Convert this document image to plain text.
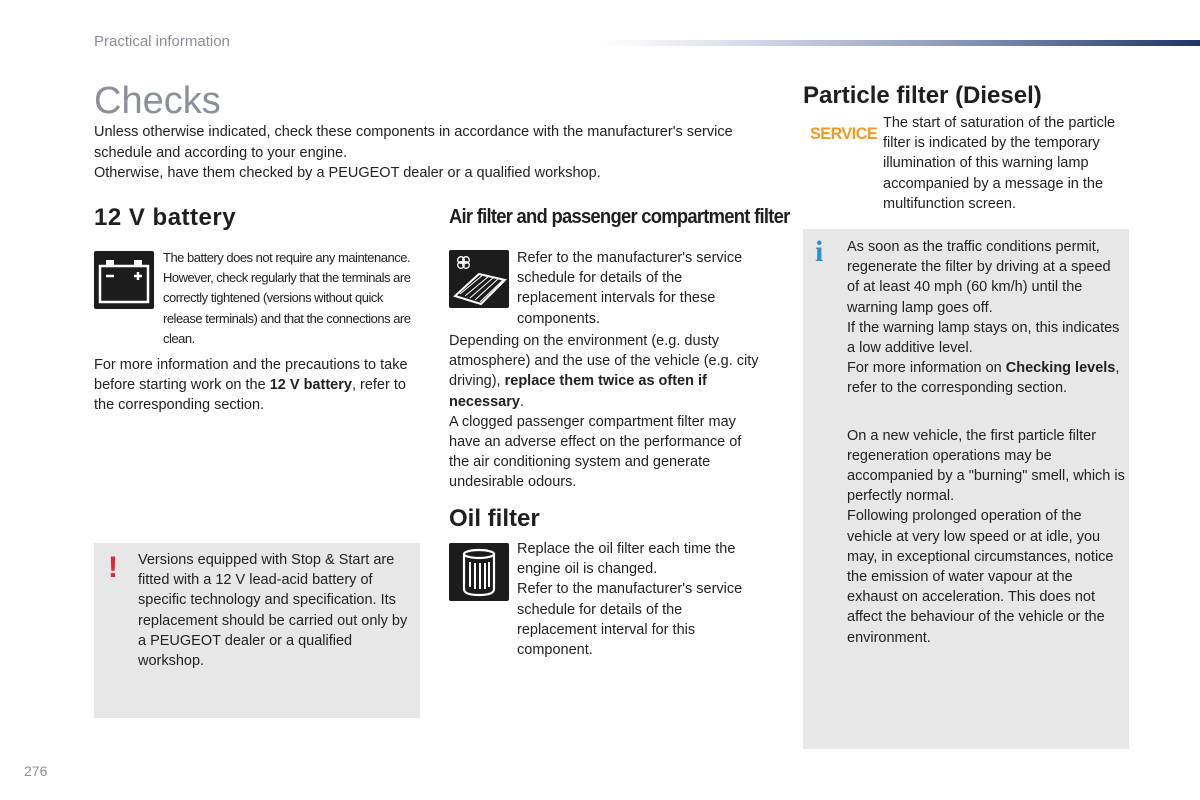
Practical information
Checks

Unless otherwise indicated, check these components in accordance with the manufacturer's service schedule and according to your engine.

Otherwise, have them checked by a PEUGEOT dealer or a qualified workshop.

12 V battery
The battery does not require any maintenance. However, check regularly that the terminals are correctly tightened (versions without quick release terminals) and that the connections are clean.
For more information and the precautions to take before starting work on the 12 V battery, refer to the corresponding section.
! Versions equipped with Stop & Start are fitted with a 12 V lead-acid battery of specific technology and specification. Its replacement should be carried out only by a PEUGEOT dealer or a qualified workshop.
Air filter and passenger compartment filter
Refer to the manufacturer's service schedule for details of the replacement intervals for these components.
Depending on the environment (e.g. dusty atmosphere) and the use of the vehicle (e.g. city driving), replace them twice as often if necessary.
A clogged passenger compartment filter may have an adverse effect on the performance of the air conditioning system and generate undesirable odours.
Oil filter
Replace the oil filter each time the engine oil is changed.
Refer to the manufacturer's service schedule for details of the replacement interval for this component.
Particle filter (Diesel)
SERVICE
The start of saturation of the particle filter is indicated by the temporary illumination of this warning lamp accompanied by a message in the multifunction screen.
i As soon as the traffic conditions permit, regenerate the filter by driving at a speed of at least 40 mph (60 km/h) until the warning lamp goes off.
If the warning lamp stays on, this indicates a low additive level.
For more information on Checking levels, refer to the corresponding section.
On a new vehicle, the first particle filter regeneration operations may be accompanied by a "burning" smell, which is perfectly normal.
Following prolonged operation of the vehicle at very low speed or at idle, you may, in exceptional circumstances, notice the emission of water vapour at the exhaust on acceleration. This does not affect the behaviour of the vehicle or the environment.
276
